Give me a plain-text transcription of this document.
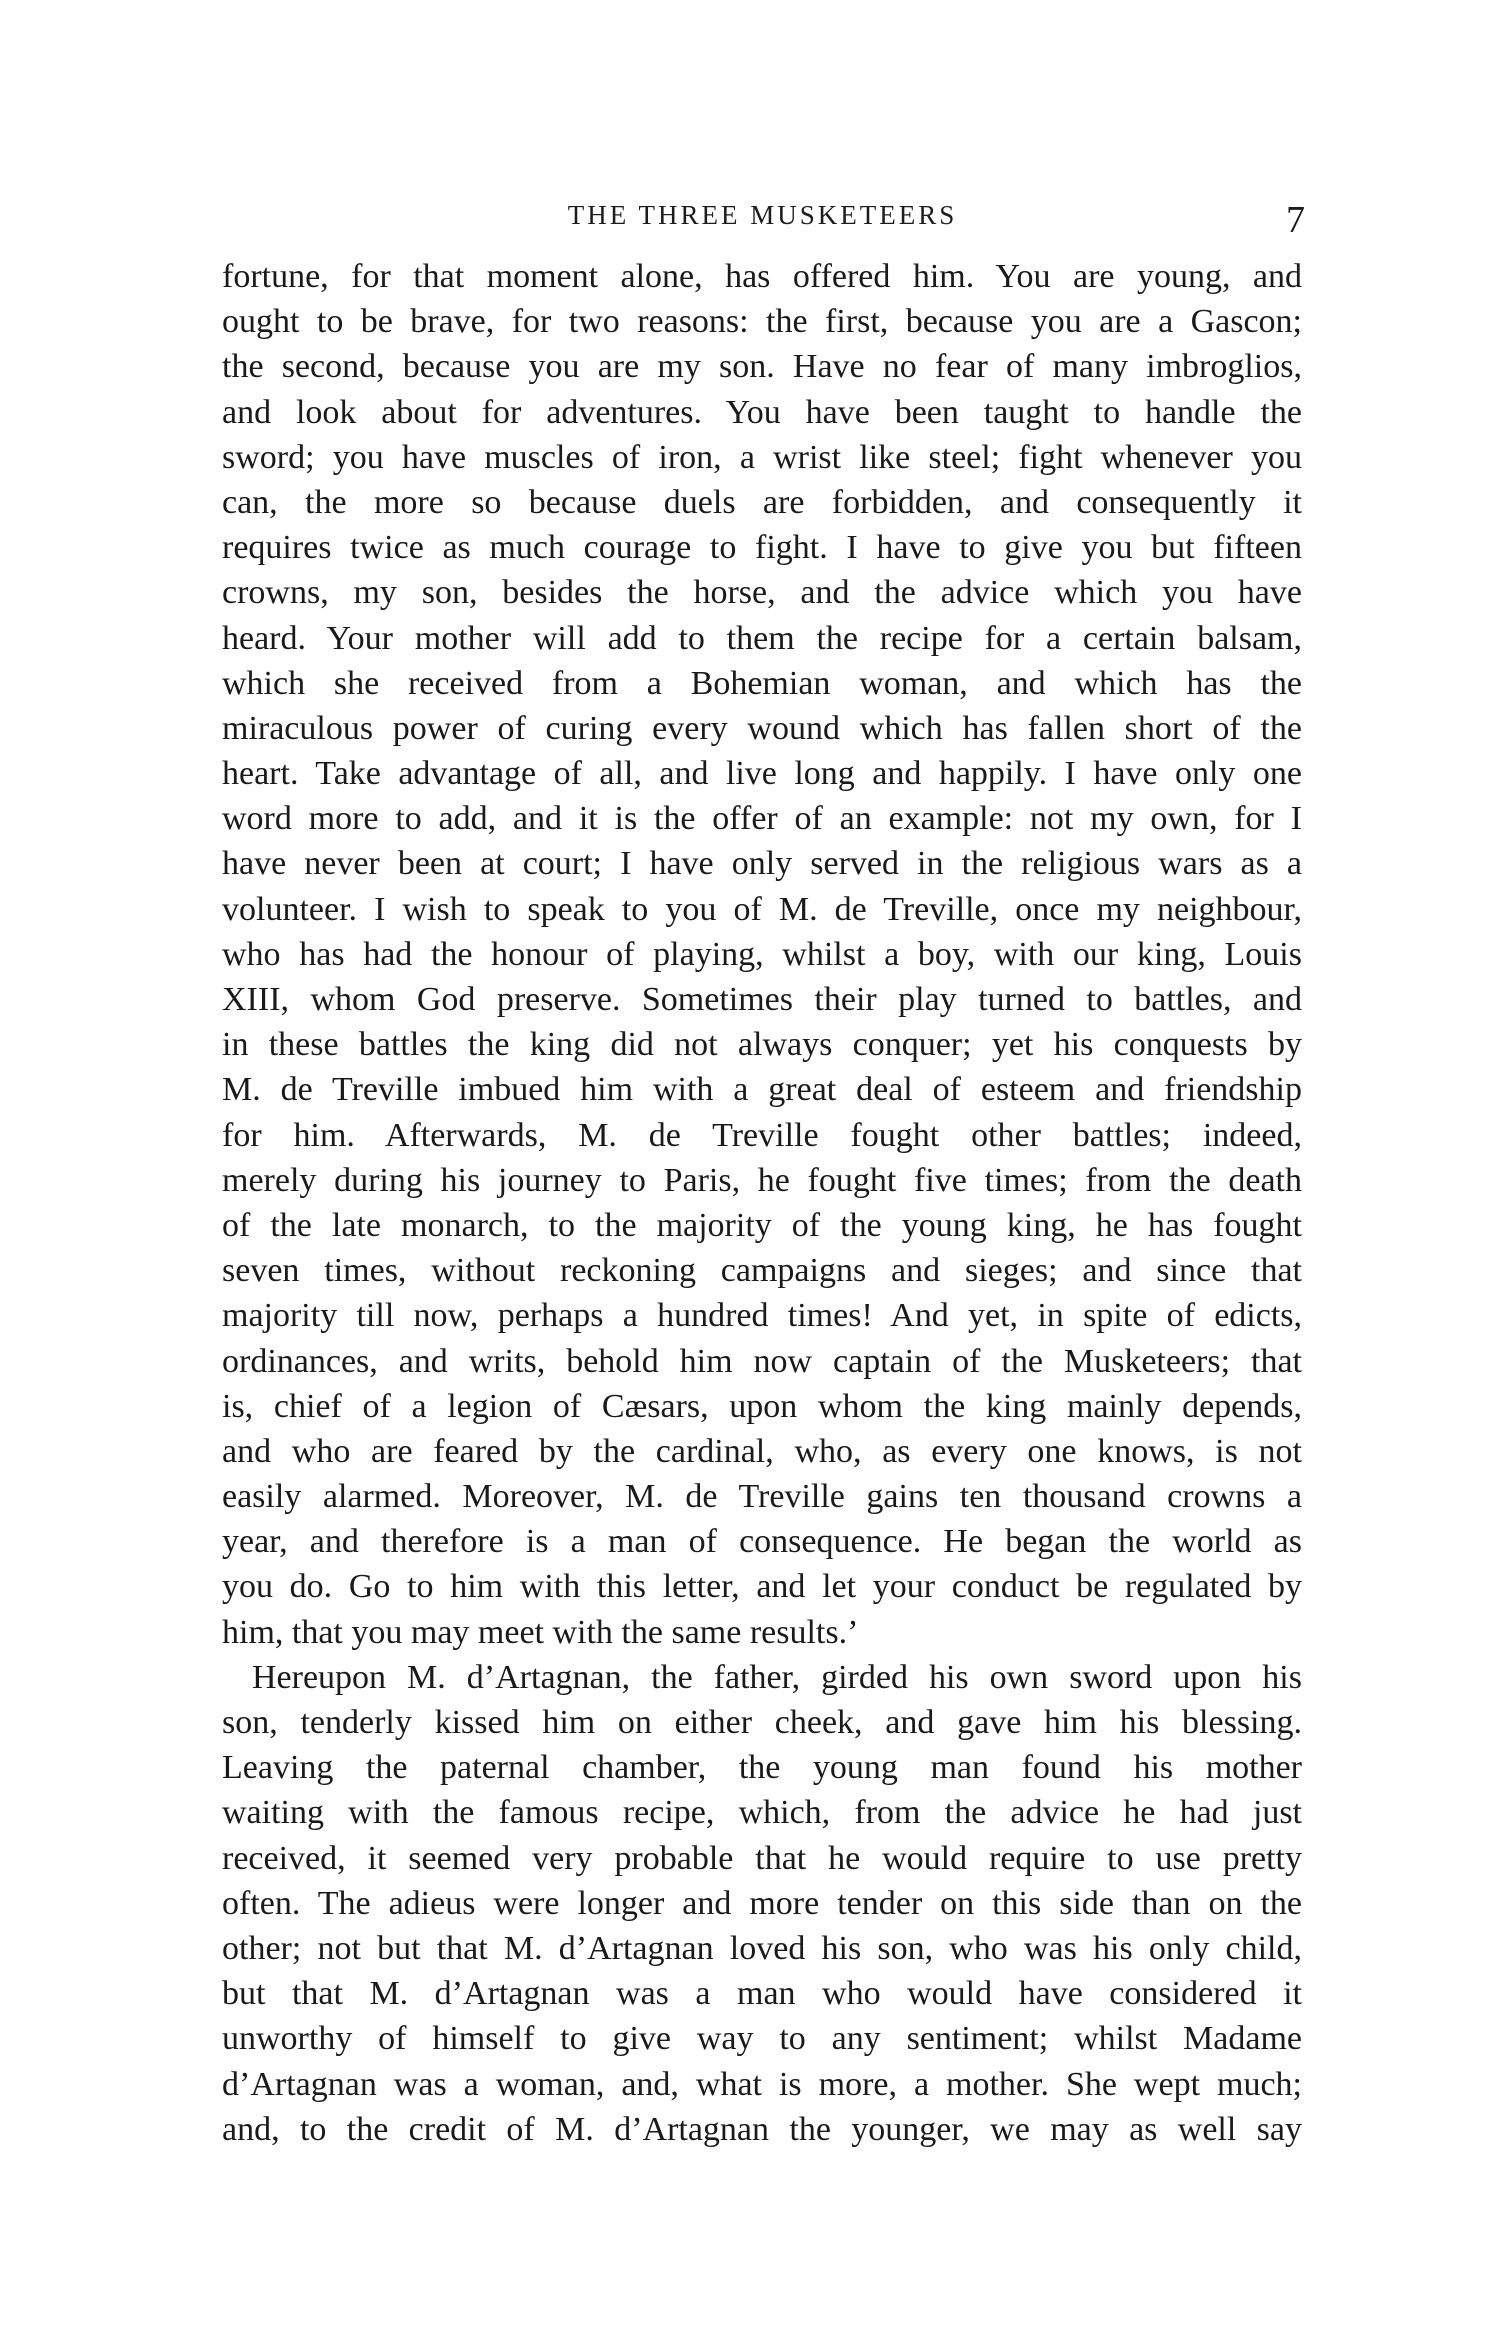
THE THREE MUSKETEERS	7
fortune, for that moment alone, has offered him. You are young, and
ought to be brave, for two reasons: the first, because you are a Gascon;
the second, because you are my son. Have no fear of many imbroglios,
and look about for adventures. You have been taught to handle the
sword; you have muscles of iron, a wrist like steel; fight whenever you
can, the more so because duels are forbidden, and consequently it
requires twice as much courage to fight. I have to give you but fifteen
crowns, my son, besides the horse, and the advice which you have
heard. Your mother will add to them the recipe for a certain balsam,
which she received from a Bohemian woman, and which has the
miraculous power of curing every wound which has fallen short of the
heart. Take advantage of all, and live long and happily. I have only one
word more to add, and it is the offer of an example: not my own, for I
have never been at court; I have only served in the religious wars as a
volunteer. I wish to speak to you of M. de Treville, once my neighbour,
who has had the honour of playing, whilst a boy, with our king, Louis
XIII, whom God preserve. Sometimes their play turned to battles, and
in these battles the king did not always conquer; yet his conquests by
M. de Treville imbued him with a great deal of esteem and friendship
for him. Afterwards, M. de Treville fought other battles; indeed,
merely during his journey to Paris, he fought five times; from the death
of the late monarch, to the majority of the young king, he has fought
seven times, without reckoning campaigns and sieges; and since that
majority till now, perhaps a hundred times! And yet, in spite of edicts,
ordinances, and writs, behold him now captain of the Musketeers; that
is, chief of a legion of Cæsars, upon whom the king mainly depends,
and who are feared by the cardinal, who, as every one knows, is not
easily alarmed. Moreover, M. de Treville gains ten thousand crowns a
year, and therefore is a man of consequence. He began the world as
you do. Go to him with this letter, and let your conduct be regulated by
him, that you may meet with the same results.’
Hereupon M. d’Artagnan, the father, girded his own sword upon his
son, tenderly kissed him on either cheek, and gave him his blessing.
Leaving the paternal chamber, the young man found his mother
waiting with the famous recipe, which, from the advice he had just
received, it seemed very probable that he would require to use pretty
often. The adieus were longer and more tender on this side than on the
other; not but that M. d’Artagnan loved his son, who was his only child,
but that M. d’Artagnan was a man who would have considered it
unworthy of himself to give way to any sentiment; whilst Madame
d’Artagnan was a woman, and, what is more, a mother. She wept much;
and, to the credit of M. d’Artagnan the younger, we may as well say
